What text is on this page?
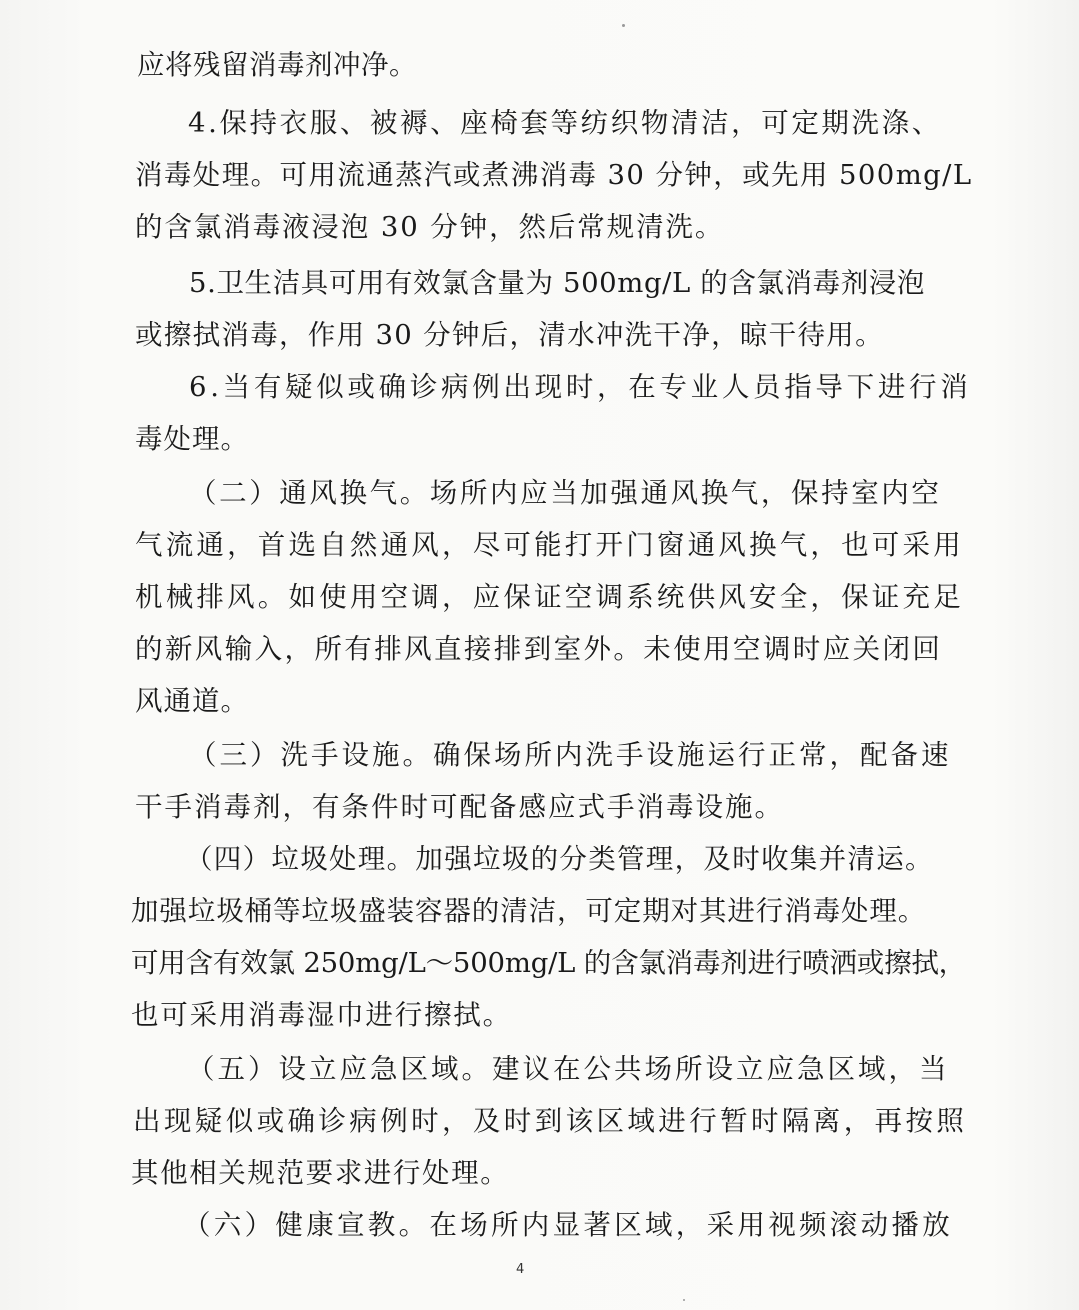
应将残留消毒剂冲净。
4.保持衣服、被褥、座椅套等纺织物清洁，可定期洗涤、
消毒处理。可用流通蒸汽或煮沸消毒 30 分钟，或先用 500mg/L
的含氯消毒液浸泡 30 分钟，然后常规清洗。
5.卫生洁具可用有效氯含量为 500mg/L 的含氯消毒剂浸泡
或擦拭消毒，作用 30 分钟后，清水冲洗干净，晾干待用。
6.当有疑似或确诊病例出现时，在专业人员指导下进行消
毒处理。
（二）通风换气。场所内应当加强通风换气，保持室内空
气流通，首选自然通风，尽可能打开门窗通风换气，也可采用
机械排风。如使用空调，应保证空调系统供风安全，保证充足
的新风输入，所有排风直接排到室外。未使用空调时应关闭回
风通道。
（三）洗手设施。确保场所内洗手设施运行正常，配备速
干手消毒剂，有条件时可配备感应式手消毒设施。
（四）垃圾处理。加强垃圾的分类管理，及时收集并清运。
加强垃圾桶等垃圾盛装容器的清洁，可定期对其进行消毒处理。
可用含有效氯 250mg/L～500mg/L 的含氯消毒剂进行喷洒或擦拭，
也可采用消毒湿巾进行擦拭。
（五）设立应急区域。建议在公共场所设立应急区域，当
出现疑似或确诊病例时，及时到该区域进行暂时隔离，再按照
其他相关规范要求进行处理。
（六）健康宣教。在场所内显著区域，采用视频滚动播放
4
